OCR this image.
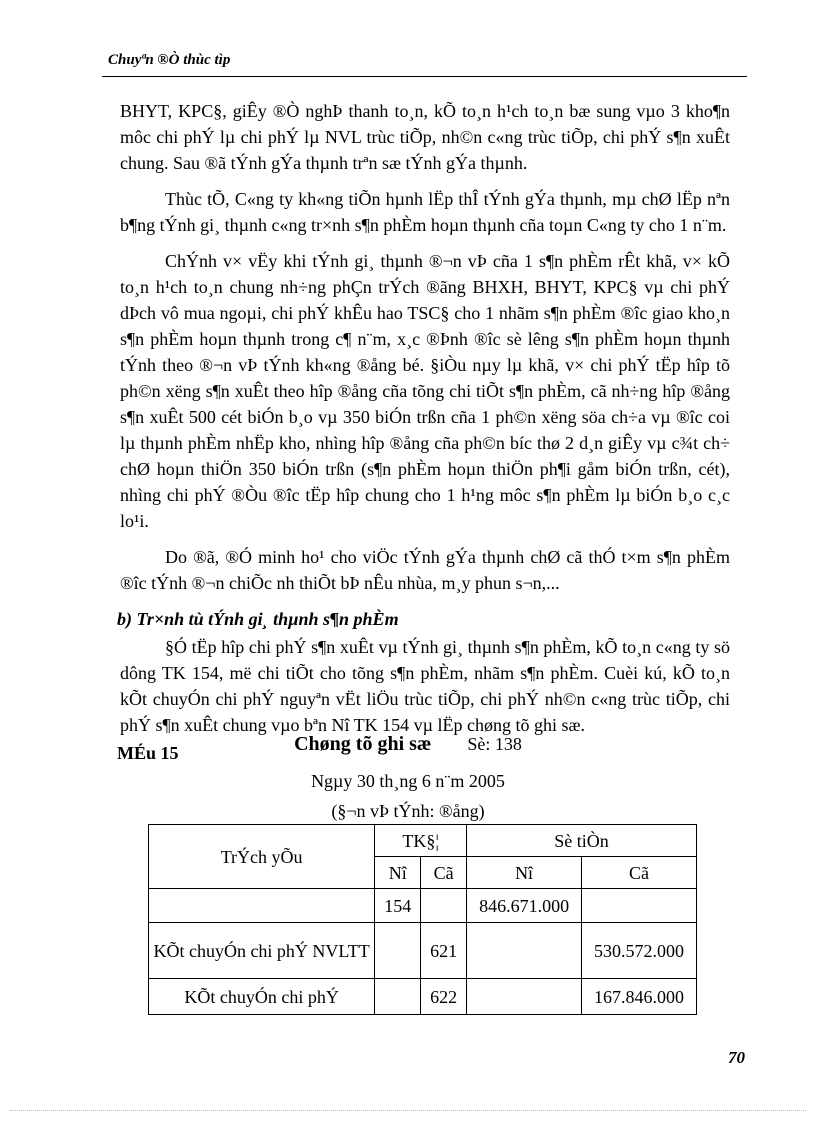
Chuyªn ®Ò thùc tìp

BHYT, KPC§, giÊy ®Ò nghÞ thanh to¸n, kÕ to¸n h¹ch to¸n bæ sung vµo 3 kho¶n môc chi phÝ lµ chi phÝ lµ NVL trùc tiÕp, nh©n c«ng trùc tiÕp, chi phÝ s¶n xuÊt chung. Sau ®ã tÝnh gÝa thµnh trªn sæ tÝnh gÝa thµnh.

Thùc tÕ, C«ng ty kh«ng tiÕn hµnh lËp thÎ tÝnh gÝa thµnh, mµ chØ lËp nªn b¶ng tÝnh gi¸ thµnh c«ng tr×nh s¶n phÈm hoµn thµnh cña toµn C«ng ty cho 1 n¨m.

ChÝnh v× vËy khi tÝnh gi¸ thµnh ®¬n vÞ cña 1 s¶n phÈm rÊt khã, v× kÕ to¸n h¹ch to¸n chung nh÷ng phÇn trÝch ®ãng BHXH, BHYT, KPC§ vµ chi phÝ dÞch vô mua ngoµi, chi phÝ khÊu hao TSC§ cho 1 nhãm s¶n phÈm ®îc giao kho¸n s¶n phÈm hoµn thµnh trong c¶ n¨m, x¸c ®Þnh ®îc sè lêng s¶n phÈm hoµn thµnh tÝnh theo ®¬n vÞ tÝnh kh«ng ®ång bé. §iÒu nµy lµ khã, v× chi phÝ tËp hîp tõ ph©n xëng s¶n xuÊt theo hîp ®ång cña tõng chi tiÕt s¶n phÈm, cã nh÷ng hîp ®ång s¶n xuÊt 500 cét biÓn b¸o vµ 350 biÓn trßn cña 1 ph©n xëng söa ch÷a vµ ®îc coi lµ thµnh phÈm nhËp kho, nhìng hîp ®ång cña ph©n bíc thø 2 d¸n giÊy vµ c¾t ch÷ chØ hoµn thiÖn 350 biÓn trßn (s¶n phÈm hoµn thiÖn ph¶i gåm biÓn trßn, cét), nhìng chi phÝ ®Òu ®îc tËp hîp chung cho 1 h¹ng môc s¶n phÈm lµ biÓn b¸o c¸c lo¹i.

Do ®ã, ®Ó minh ho¹ cho viÖc tÝnh gÝa thµnh chØ cã thÓ t×m s¶n phÈm ®îc tÝnh ®¬n chiÕc nh thiÕt bÞ nÊu nhùa, m¸y phun s¬n,...

b) Tr×nh tù tÝnh gi¸ thµnh s¶n phÈm

§Ó tËp hîp chi phÝ s¶n xuÊt vµ tÝnh gi¸ thµnh s¶n phÈm, kÕ to¸n c«ng ty sö dông TK 154, më chi tiÕt cho tõng s¶n phÈm, nhãm s¶n phÈm. Cuèi kú, kÕ to¸n kÕt chuyÓn chi phÝ nguyªn vËt liÖu trùc tiÕp, chi phÝ nh©n c«ng trùc tiÕp, chi phÝ s¶n xuÊt chung vµo bªn Nî TK 154 vµ lËp chøng tõ ghi sæ.

MÉu 15	Chøng tõ ghi sæ Sè: 138
Ngµy 30 th¸ng 6 n¨m 2005
(§¬n vÞ tÝnh: ®ång)
TrÝch yÕu	TK§¦		Sè tiÒn	
	Nî	Cã	Nî	Cã
	154		846.671.000	
KÕt chuyÓn chi phÝ NVLTT		621		530.572.000
KÕt chuyÓn chi phÝ		622		167.846.000
70
